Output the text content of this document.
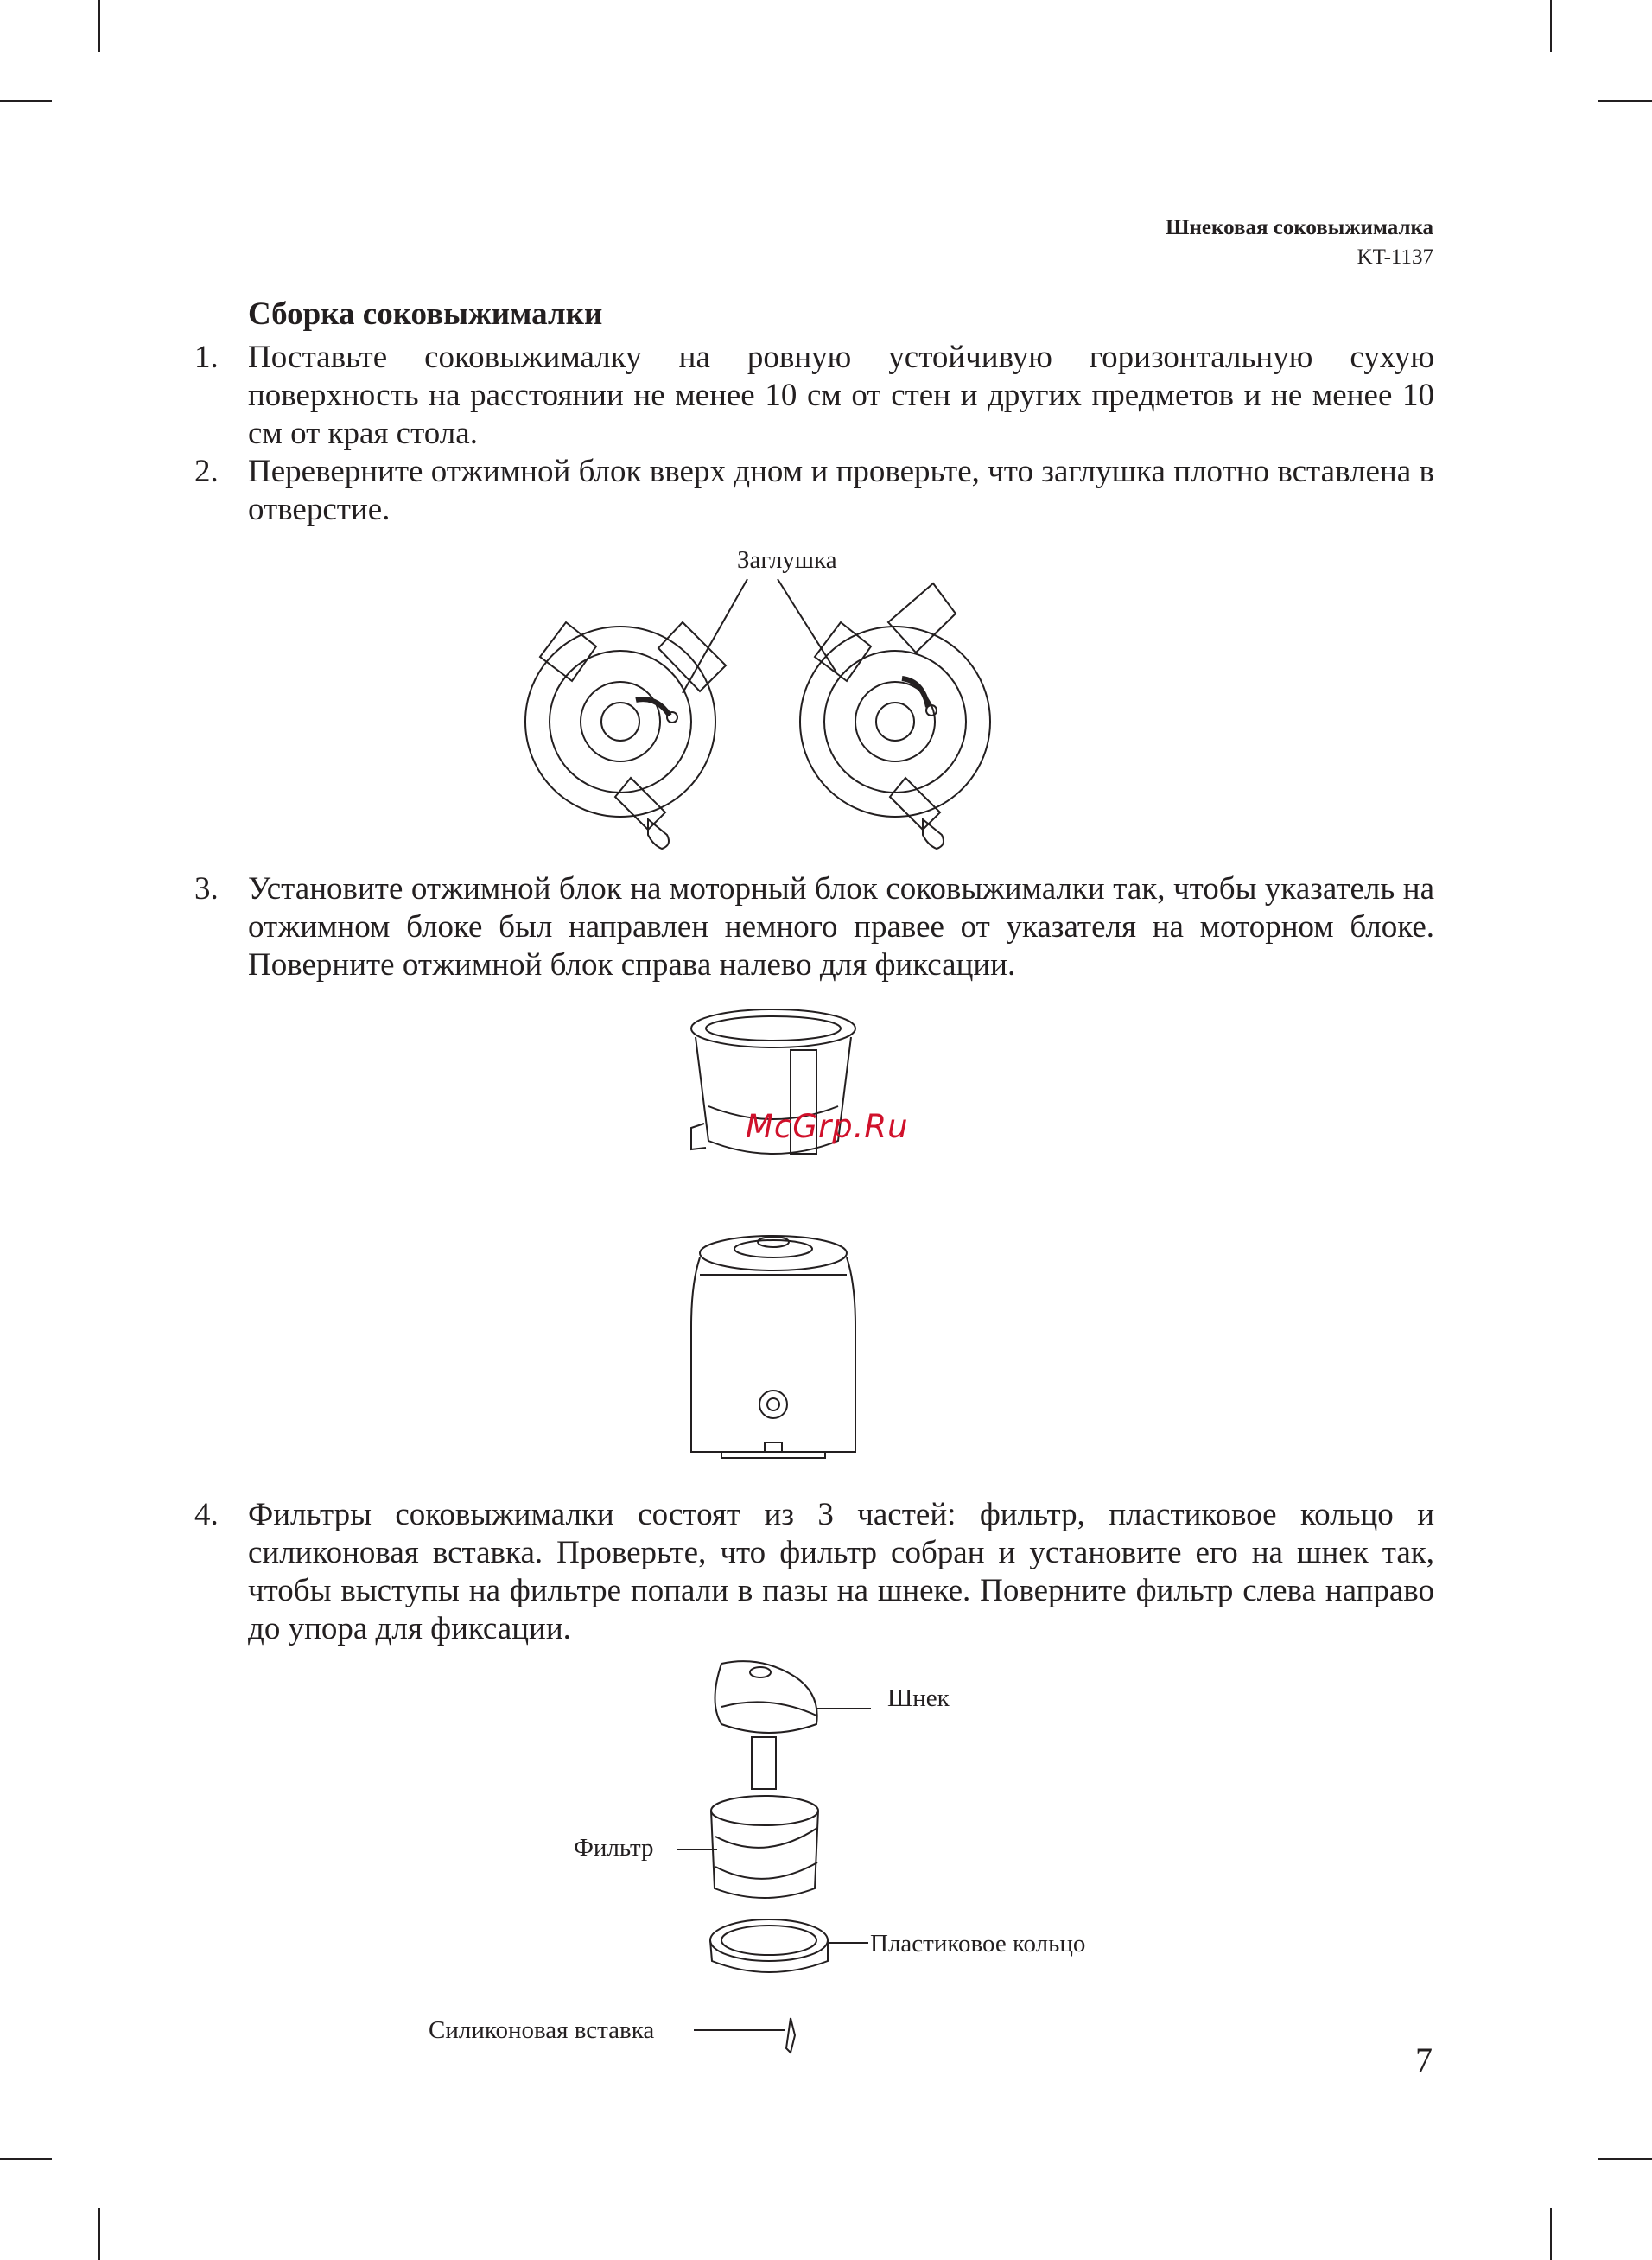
Шнековая соковыжималка
KT-1137
Сборка соковыжималки
1. Поставьте соковыжималку на ровную устойчивую горизонтальную сухую поверхность на расстоянии не менее 10 см от стен и других предметов и не менее 10 см от края стола.
2. Переверните отжимной блок вверх дном и проверьте, что заглушка плотно вставлена в отверстие.
Заглушка
3. Установите отжимной блок на моторный блок соковыжималки так, чтобы указатель на отжимном блоке был направлен немного правее от указателя на моторном блоке. Поверните отжимной блок справа налево для фиксации.
McGrp.Ru
4. Фильтры соковыжималки состоят из 3 частей: фильтр, пластиковое кольцо и силиконовая вставка. Проверьте, что фильтр собран и установите его на шнек так, чтобы выступы на фильтре попали в пазы на шнеке. Поверните фильтр слева направо до упора для фиксации.
Шнек
Фильтр
Пластиковое кольцо
Силиконовая вставка
7
